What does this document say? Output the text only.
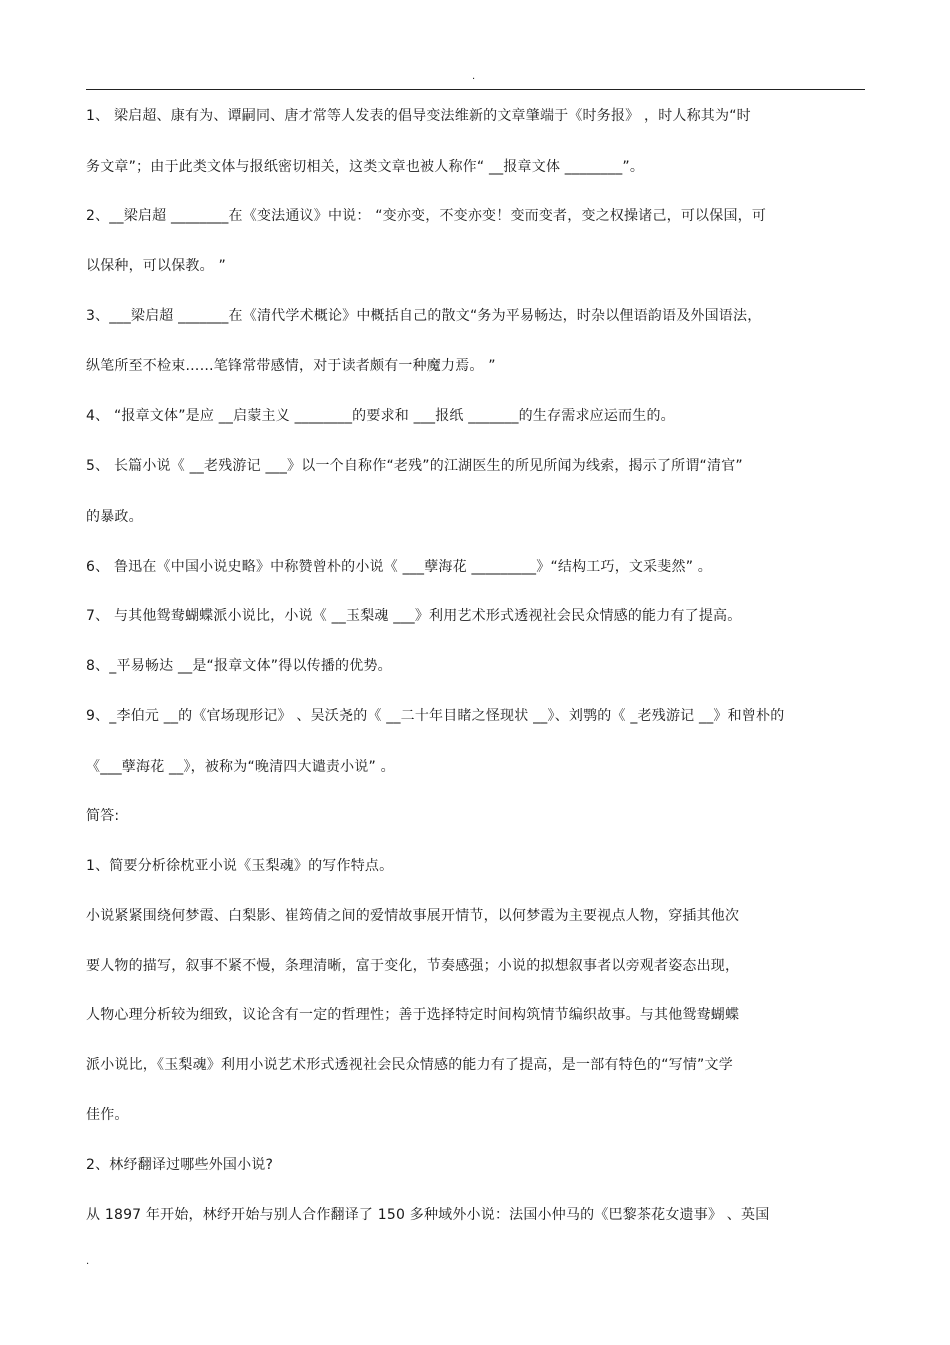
.
1、 梁启超、康有为、谭嗣同、唐才常等人发表的倡导变法维新的文章肇端于《时务报》 ，时人称其为“时
务文章”；由于此类文体与报纸密切相关，这类文章也被人称作“ __报章文体 ________”。
2、__梁启超 ________在《变法通议》中说： “变亦变，不变亦变！变而变者，变之权操诸己，可以保国，可
以保种，可以保教。 ”
3、___梁启超 _______在《清代学术概论》中概括自己的散文“务为平易畅达，时杂以俚语韵语及外国语法，
纵笔所至不检束……笔锋常带感情，对于读者颇有一种魔力焉。 ”
4、 “报章文体”是应 __启蒙主义 ________的要求和 ___报纸 _______的生存需求应运而生的。
5、 长篇小说《 __老残游记 ___》以一个自称作“老残”的江湖医生的所见所闻为线索，揭示了所谓“清官”
的暴政。
6、 鲁迅在《中国小说史略》中称赞曾朴的小说《 ___孽海花 _________》“结构工巧，文采斐然” 。
7、 与其他鸳鸯蝴蝶派小说比，小说《 __玉梨魂 ___》利用艺术形式透视社会民众情感的能力有了提高。
8、_平易畅达 __是“报章文体”得以传播的优势。
9、_李伯元 __的《官场现形记》 、吴沃尧的《 __二十年目睹之怪现状 __》、刘鹗的《 _老残游记 __》和曾朴的
《___孽海花 __》，被称为“晚清四大谴责小说” 。
简答:
1、简要分析徐枕亚小说《玉梨魂》的写作特点。
小说紧紧围绕何梦霞、白梨影、崔筠倩之间的爱情故事展开情节，以何梦霞为主要视点人物，穿插其他次
要人物的描写，叙事不紧不慢，条理清晰，富于变化，节奏感强；小说的拟想叙事者以旁观者姿态出现，
人物心理分析较为细致，议论含有一定的哲理性；善于选择特定时间构筑情节编织故事。与其他鸳鸯蝴蝶
派小说比，《玉梨魂》利用小说艺术形式透视社会民众情感的能力有了提高，是一部有特色的“写情”文学
佳作。
2、林纾翻译过哪些外国小说?
从 1897 年开始，林纾开始与别人合作翻译了 150 多种域外小说：法国小仲马的《巴黎茶花女遗事》 、英国
.
